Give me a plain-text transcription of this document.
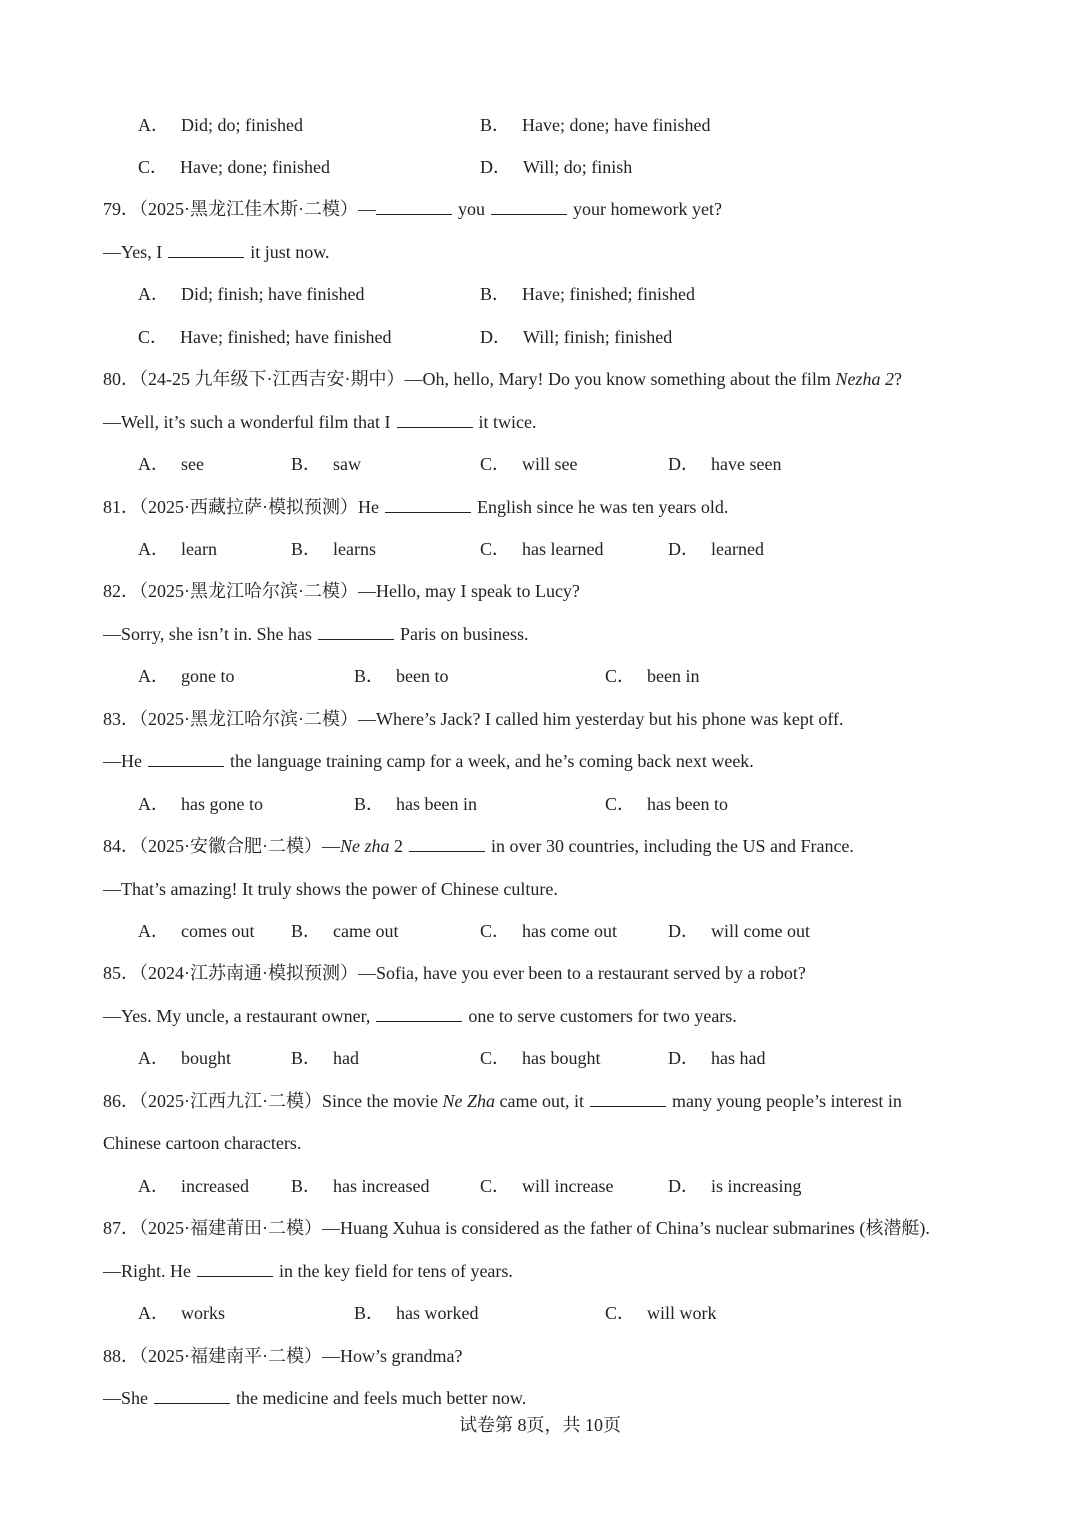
A． Did; do; finished	B． Have; done; have finished
C． Have; done; finished	D． Will; do; finish
79．（2025·黑龙江佳木斯·二模）—	you	your homework yet?
—Yes, I	it just now.
A． Did; finish; have finished	B． Have; finished; finished
C． Have; finished; have finished	D． Will; finish; finished
80．（24-25 九年级下·江西吉安·期中）—Oh, hello, Mary! Do you know something about the film Nezha 2?
—Well, it’s such a wonderful film that I	it twice.
A． see	B． saw	C． will see	D． have seen
81．（2025·西藏拉萨·模拟预测）He	English since he was ten years old.
A． learn	B． learns	C． has learned	D． learned
82．（2025·黑龙江哈尔滨·二模）—Hello, may I speak to Lucy?
—Sorry, she isn’t in. She has	Paris on business.
A． gone to	B． been to	C． been in
83．（2025·黑龙江哈尔滨·二模）—Where’s Jack? I called him yesterday but his phone was kept off.
—He	the language training camp for a week, and he’s coming back next week.
A． has gone to	B． has been in	C． has been to
84．（2025·安徽合肥·二模）—Ne zha 2	in over 30 countries, including the US and France.
—That’s amazing! It truly shows the power of Chinese culture.
A． comes out B． came out	C． has come out	D． will come out
85．（2024·江苏南通·模拟预测）—Sofia, have you ever been to a restaurant served by a robot?
—Yes. My uncle, a restaurant owner,	one to serve customers for two years.
A． bought	B． had	C． has bought	D． has had
86．（2025·江西九江·二模）Since the movie Ne Zha came out, it	many young people’s interest in
Chinese cartoon characters.
A． increased B． has increased	C． will increase	D． is increasing
87．（2025·福建莆田·二模）—Huang Xuhua is considered as the father of China’s nuclear submarines (核潜艇).
—Right. He	in the key field for tens of years.
A． works	B． has worked	C． will work
88．（2025·福建南平·二模）—How’s grandma?
—She	the medicine and feels much better now.
试卷第 8页，共 10页
